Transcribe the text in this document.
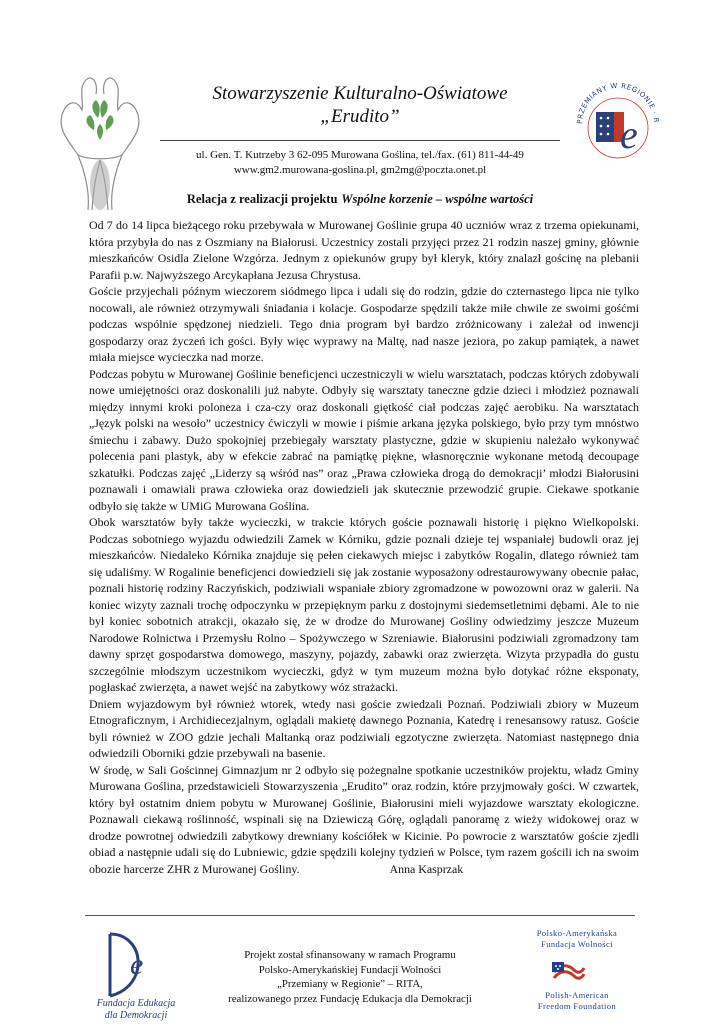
Stowarzyszenie Kulturalno-Oświatowe
„Erudito”
ul. Gen. T. Kutrzeby 3 62-095 Murowana Goślina, tel./fax. (61) 811-44-49
www.gm2.murowana-goslina.pl, gm2mg@poczta.onet.pl
PRZEMIANY W REGIONIE · R
e
Relacja z realizacji projektu Wspólne korzenie – wspólne wartości

Od 7 do 14 lipca bieżącego roku przebywała w Murowanej Goślinie grupa 40 uczniów wraz z trzema opiekunami, która przybyła do nas z Oszmiany na Białorusi. Uczestnicy zostali przyjęci przez 21 rodzin naszej gminy, głównie mieszkańców Osidla Zielone Wzgórza. Jednym z opiekunów grupy był kleryk, który znalazł gościnę na plebanii Parafii p.w. Najwyższego Arcykapłana Jezusa Chrystusa.

Goście przyjechali późnym wieczorem siódmego lipca i udali się do rodzin, gdzie do czternastego lipca nie tylko nocowali, ale również otrzymywali śniadania i kolacje. Gospodarze spędzili także miłe chwile ze swoimi gośćmi podczas wspólnie spędzonej niedzieli. Tego dnia program był bardzo zróżnicowany i zależał od inwencji gospodarzy oraz życzeń ich gości. Były więc wyprawy na Maltę, nad nasze jeziora, po zakup pamiątek, a nawet miała miejsce wycieczka nad morze.

Podczas pobytu w Murowanej Goślinie beneficjenci uczestniczyli w wielu warsztatach, podczas których zdobywali nowe umiejętności oraz doskonalili już nabyte. Odbyły się warsztaty taneczne gdzie dzieci i młodzież poznawali między innymi kroki poloneza i cza-czy oraz doskonali giętkość ciał podczas zajęć aerobiku. Na warsztatach „Język polski na wesoło” uczestnicy ćwiczyli w mowie i piśmie arkana języka polskiego, było przy tym mnóstwo śmiechu i zabawy. Dużo spokojniej przebiegały warsztaty plastyczne, gdzie w skupieniu należało wykonywać polecenia pani plastyk, aby w efekcie zabrać na pamiątkę piękne, własnoręcznie wykonane metodą decoupage szkatułki. Podczas zajęć „Liderzy są wśród nas” oraz „Prawa człowieka drogą do demokracji’ młodzi Białorusini poznawali i omawiali prawa człowieka oraz dowiedzieli jak skutecznie przewodzić grupie. Ciekawe spotkanie odbyło się także w UMiG Murowana Goślina.

Obok warsztatów były także wycieczki, w trakcie których goście poznawali historię i piękno Wielkopolski. Podczas sobotniego wyjazdu odwiedzili Zamek w Kórniku, gdzie poznali dzieje tej wspaniałej budowli oraz jej mieszkańców. Niedaleko Kórnika znajduje się pełen ciekawych miejsc i zabytków Rogalin, dlatego również tam się udaliśmy. W Rogalinie beneficjenci dowiedzieli się jak zostanie wyposażony odrestaurowywany obecnie pałac, poznali historię rodziny Raczyńskich, podziwiali wspaniałe zbiory zgromadzone w powozowni oraz w galerii. Na koniec wizyty zaznali trochę odpoczynku w przepięknym parku z dostojnymi siedemsetletnimi dębami. Ale to nie był koniec sobotnich atrakcji, okazało się, że w drodze do Murowanej Gośliny odwiedzimy jeszcze Muzeum Narodowe Rolnictwa i Przemysłu Rolno – Spożywczego w Szreniawie. Białorusini podziwiali zgromadzony tam dawny sprzęt gospodarstwa domowego, maszyny, pojazdy, zabawki oraz zwierzęta. Wizyta przypadła do gustu szczególnie młodszym uczestnikom wycieczki, gdyż w tym muzeum można było dotykać różne eksponaty, pogłaskać zwierzęta, a nawet wejść na zabytkowy wóz strażacki.

Dniem wyjazdowym był również wtorek, wtedy nasi goście zwiedzali Poznań. Podziwiali zbiory w Muzeum Etnograficznym, i Archidiecezjalnym, oglądali makietę dawnego Poznania, Katedrę i renesansowy ratusz. Goście byli również w ZOO gdzie jechali Maltanką oraz podziwiali egzotyczne zwierzęta. Natomiast następnego dnia odwiedzili Oborniki gdzie przebywali na basenie.

W środę, w Sali Gościnnej Gimnazjum nr 2 odbyło się pożegnalne spotkanie uczestników projektu, władz Gminy Murowana Goślina, przedstawicieli Stowarzyszenia „Erudito” oraz rodzin, które przyjmowały gości. W czwartek, który był ostatnim dniem pobytu w Murowanej Goślinie, Białorusini mieli wyjazdowe warsztaty ekologiczne. Poznawali ciekawą roślinność, wspinali się na Dziewiczą Górę, oglądali panoramę z wieży widokowej oraz w drodze powrotnej odwiedzili zabytkowy drewniany kościółek w Kicinie. Po powrocie z warsztatów goście zjedli obiad a następnie udali się do Lubniewic, gdzie spędzili kolejny tydzień w Polsce, tym razem gościli ich na swoim obozie harcerze ZHR z Murowanej Gośliny.	Anna Kasprzak

e
Fundacja Edukacja
dla Demokracji
Projekt został sfinansowany w ramach Programu
Polsko-Amerykańskiej Fundacji Wolności
„Przemiany w Regionie” – RITA,
realizowanego przez Fundację Edukacja dla Demokracji
Polsko-Amerykańska
Fundacja Wolności
Polish-American
Freedom Foundation
